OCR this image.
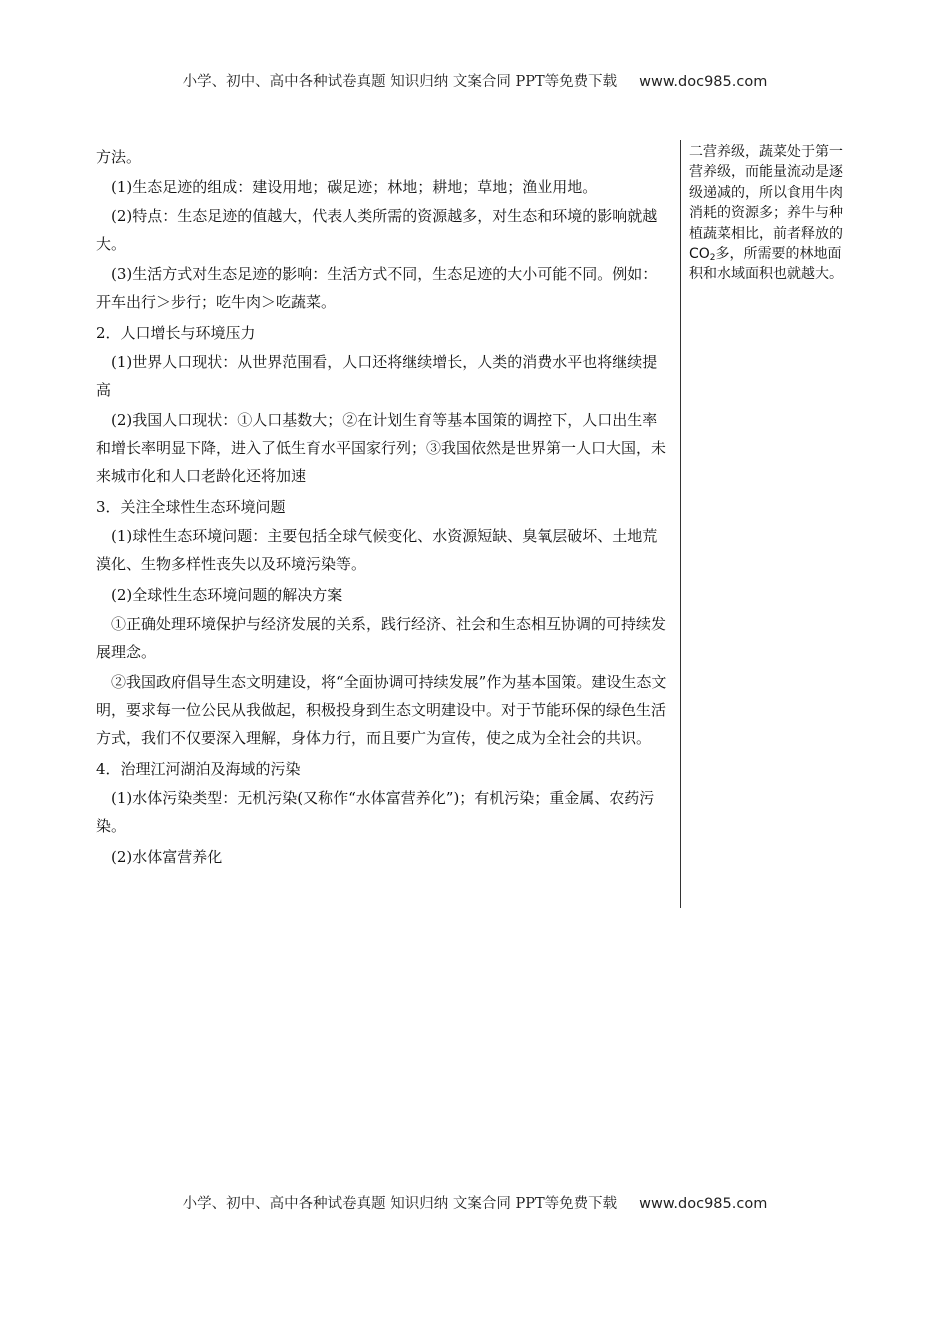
小学、初中、高中各种试卷真题 知识归纳 文案合同 PPT等免费下载 www.doc985.com

方法。

(1)生态足迹的组成：建设用地；碳足迹；林地；耕地；草地；渔业用地。

(2)特点：生态足迹的值越大，代表人类所需的资源越多，对生态和环境的影响就越大。

(3)生活方式对生态足迹的影响：生活方式不同，生态足迹的大小可能不同。例如：开车出行＞步行；吃牛肉＞吃蔬菜。

2．人口增长与环境压力

(1)世界人口现状：从世界范围看，人口还将继续增长，人类的消费水平也将继续提高

(2)我国人口现状：①人口基数大；②在计划生育等基本国策的调控下，人口出生率和增长率明显下降，进入了低生育水平国家行列；③我国依然是世界第一人口大国，未来城市化和人口老龄化还将加速

3．关注全球性生态环境问题

(1)球性生态环境问题：主要包括全球气候变化、水资源短缺、臭氧层破坏、土地荒漠化、生物多样性丧失以及环境污染等。

(2)全球性生态环境问题的解决方案

①正确处理环境保护与经济发展的关系，践行经济、社会和生态相互协调的可持续发展理念。

②我国政府倡导生态文明建设，将“全面协调可持续发展”作为基本国策。建设生态文明，要求每一位公民从我做起，积极投身到生态文明建设中。对于节能环保的绿色生活方式，我们不仅要深入理解，身体力行，而且要广为宣传，使之成为全社会的共识。

4．治理江河湖泊及海域的污染

(1)水体污染类型：无机污染(又称作“水体富营养化”)；有机污染；重金属、农药污染。

(2)水体富营养化

二营养级，蔬菜处于第一营养级，而能量流动是逐级递减的，所以食用牛肉消耗的资源多；养牛与种植蔬菜相比，前者释放的$CO_2$多，所需要的林地面积和水域面积也就越大。
小学、初中、高中各种试卷真题 知识归纳 文案合同 PPT等免费下载 www.doc985.com
